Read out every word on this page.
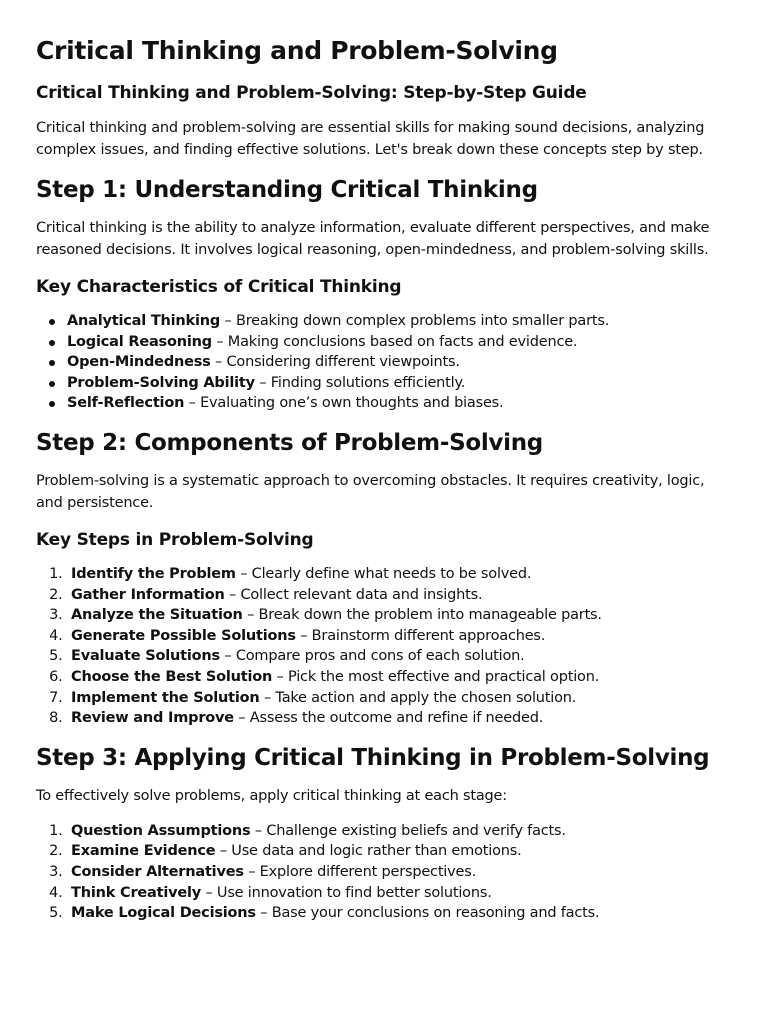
Critical Thinking and Problem-Solving
Critical Thinking and Problem-Solving: Step-by-Step Guide

Critical thinking and problem-solving are essential skills for making sound decisions, analyzing complex issues, and finding effective solutions. Let's break down these concepts step by step.

Step 1: Understanding Critical Thinking

Critical thinking is the ability to analyze information, evaluate different perspectives, and make reasoned decisions. It involves logical reasoning, open-mindedness, and problem-solving skills.

Key Characteristics of Critical Thinking
Analytical Thinking – Breaking down complex problems into smaller parts.
Logical Reasoning – Making conclusions based on facts and evidence.
Open-Mindedness – Considering different viewpoints.
Problem-Solving Ability – Finding solutions efficiently.
Self-Reflection – Evaluating one’s own thoughts and biases.
Step 2: Components of Problem-Solving

Problem-solving is a systematic approach to overcoming obstacles. It requires creativity, logic, and persistence.

Key Steps in Problem-Solving
1. Identify the Problem – Clearly define what needs to be solved.
2. Gather Information – Collect relevant data and insights.
3. Analyze the Situation – Break down the problem into manageable parts.
4. Generate Possible Solutions – Brainstorm different approaches.
5. Evaluate Solutions – Compare pros and cons of each solution.
6. Choose the Best Solution – Pick the most effective and practical option.
7. Implement the Solution – Take action and apply the chosen solution.
8. Review and Improve – Assess the outcome and refine if needed.
Step 3: Applying Critical Thinking in Problem-Solving

To effectively solve problems, apply critical thinking at each stage:

1. Question Assumptions – Challenge existing beliefs and verify facts.
2. Examine Evidence – Use data and logic rather than emotions.
3. Consider Alternatives – Explore different perspectives.
4. Think Creatively – Use innovation to find better solutions.
5. Make Logical Decisions – Base your conclusions on reasoning and facts.
